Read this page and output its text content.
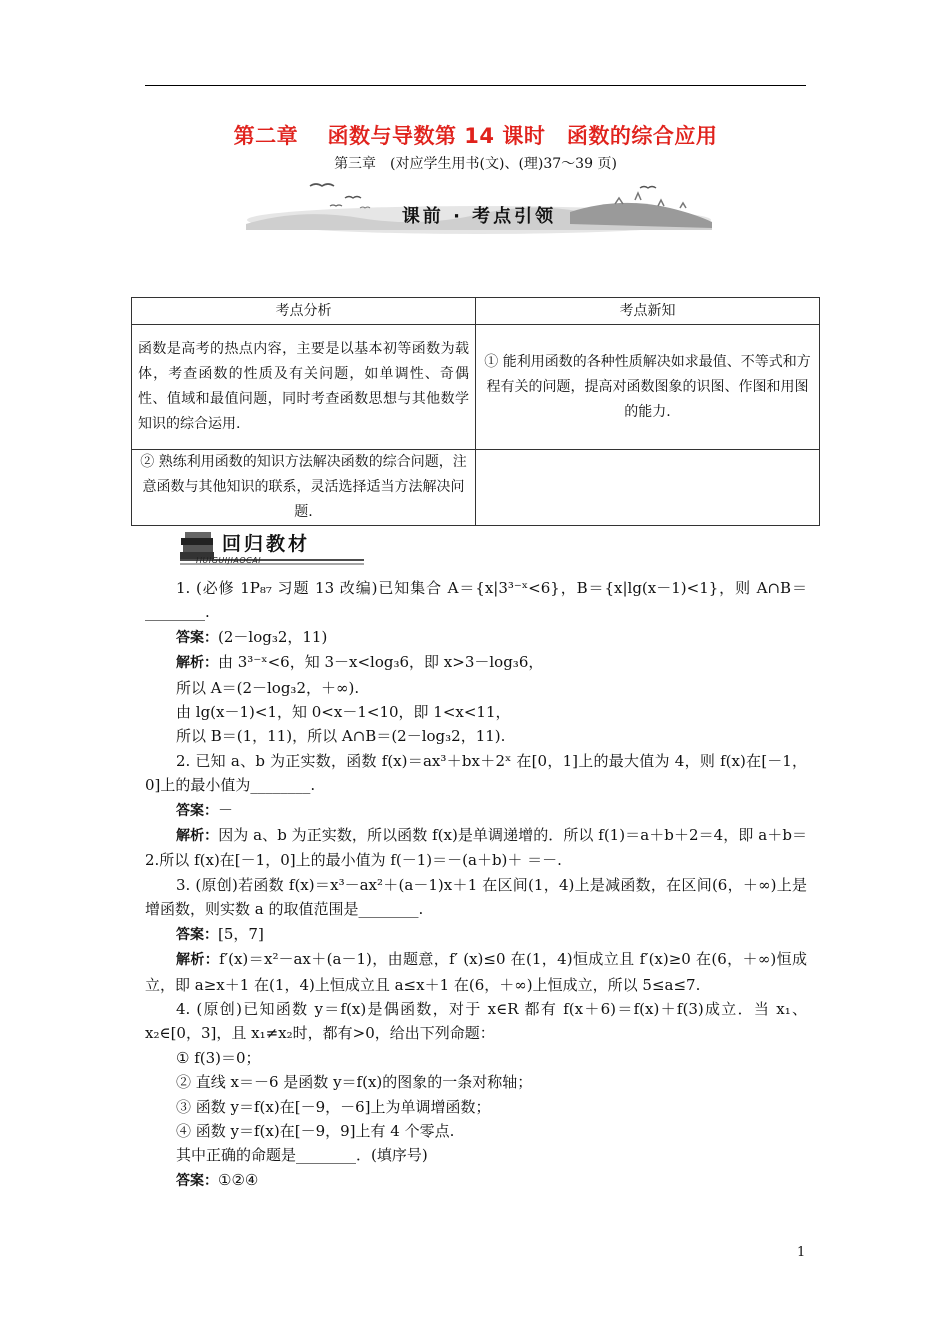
第二章　 函数与导数第 14 课时　函数的综合应用
第三章　(对应学生用书(文)、(理)37～39 页)
课前 · 考点引领
考点分析	考点新知
函数是高考的热点内容，主要是以基本初等函数为载体，考查函数的性质及有关问题，如单调性、奇偶性、值域和最值问题，同时考查函数思想与其他数学知识的综合运用.	① 能利用函数的各种性质解决如求最值、不等式和方程有关的问题，提高对函数图象的识图、作图和用图的能力.
② 熟练利用函数的知识方法解决函数的综合问题，注意函数与其他知识的联系，灵活选择适当方法解决问题.	
回归教材
HUIGUIJIAOCAI

1. (必修 1P₈₇ 习题 13 改编)已知集合 A＝{x|3³⁻ˣ<6}，B＝{x|lg(x－1)<1}，则 A∩B＝________.

答案：(2－log₃2，11)

解析：由 3³⁻ˣ<6，知 3－x<log₃6，即 x>3－log₃6，

所以 A＝(2－log₃2，＋∞).

由 lg(x－1)<1，知 0<x－1<10，即 1<x<11，

所以 B＝(1，11)，所以 A∩B＝(2－log₃2，11).

2. 已知 a、b 为正实数，函数 f(x)＝ax³＋bx＋2ˣ 在[0，1]上的最大值为 4，则 f(x)在[－1，0]上的最小值为________.

答案：－

解析：因为 a、b 为正实数，所以函数 f(x)是单调递增的．所以 f(1)＝a＋b＋2＝4，即 a＋b＝2.所以 f(x)在[－1，0]上的最小值为 f(－1)＝－(a＋b)＋ ＝－.

3. (原创)若函数 f(x)＝x³－ax²＋(a－1)x＋1 在区间(1，4)上是减函数，在区间(6，＋∞)上是增函数，则实数 a 的取值范围是________.

答案：[5，7]

解析：f′(x)＝x²－ax＋(a－1)，由题意，f′ (x)≤0 在(1，4)恒成立且 f′(x)≥0 在(6，＋∞)恒成立，即 a≥x＋1 在(1，4)上恒成立且 a≤x＋1 在(6，＋∞)上恒成立，所以 5≤a≤7.

4. (原创)已知函数 y＝f(x)是偶函数，对于 x∈R 都有 f(x＋6)＝f(x)＋f(3)成立．当 x₁、x₂∈[0，3]，且 x₁≠x₂时，都有>0，给出下列命题：

① f(3)＝0；

② 直线 x＝－6 是函数 y＝f(x)的图象的一条对称轴；

③ 函数 y＝f(x)在[－9，－6]上为单调增函数；

④ 函数 y＝f(x)在[－9，9]上有 4 个零点.

其中正确的命题是________．(填序号)

答案：①②④

1
